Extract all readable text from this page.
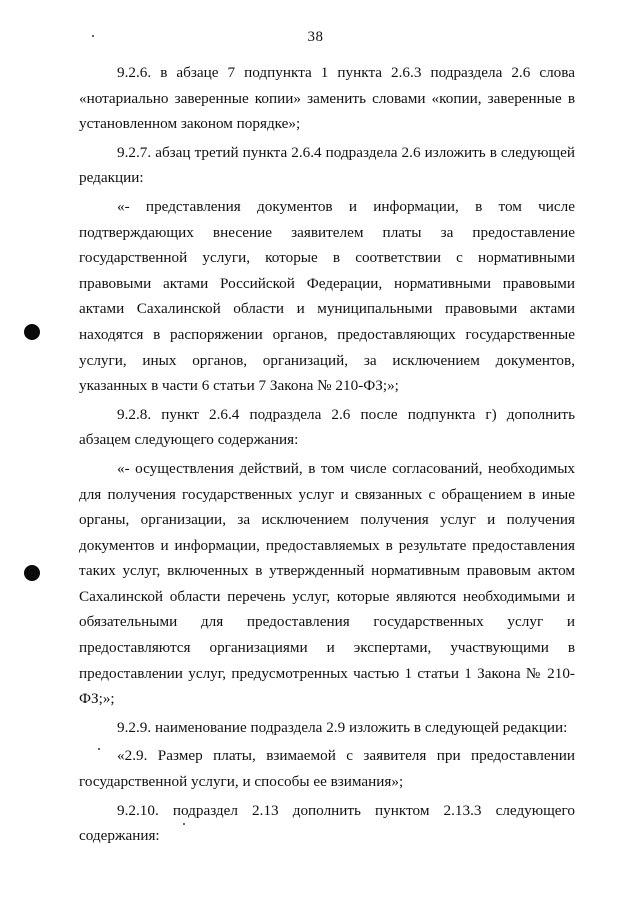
38

9.2.6. в абзаце 7 подпункта 1 пункта 2.6.3 подраздела 2.6 слова «нотариально заверенные копии» заменить словами «копии, заверенные в установленном законом порядке»;

9.2.7. абзац третий пункта 2.6.4 подраздела 2.6 изложить в следующей редакции:

«- представления документов и информации, в том числе подтверждающих внесение заявителем платы за предоставление государственной услуги, которые в соответствии с нормативными правовыми актами Российской Федерации, нормативными правовыми актами Сахалинской области и муниципальными правовыми актами находятся в распоряжении органов, предоставляющих государственные услуги, иных органов, организаций, за исключением документов, указанных в части 6 статьи 7 Закона № 210-ФЗ;»;

9.2.8. пункт 2.6.4 подраздела 2.6 после подпункта г) дополнить абзацем следующего содержания:

«- осуществления действий, в том числе согласований, необходимых для получения государственных услуг и связанных с обращением в иные органы, организации, за исключением получения услуг и получения документов и информации, предоставляемых в результате предоставления таких услуг, включенных в утвержденный нормативным правовым актом Сахалинской области перечень услуг, которые являются необходимыми и обязательными для предоставления государственных услуг и предоставляются организациями и экспертами, участвующими в предоставлении услуг, предусмотренных частью 1 статьи 1 Закона № 210-ФЗ;»;

9.2.9. наименование подраздела 2.9 изложить в следующей редакции:

«2.9. Размер платы, взимаемой с заявителя при предоставлении государственной услуги, и способы ее взимания»;

9.2.10. подраздел 2.13 дополнить пунктом 2.13.3 следующего содержания:
